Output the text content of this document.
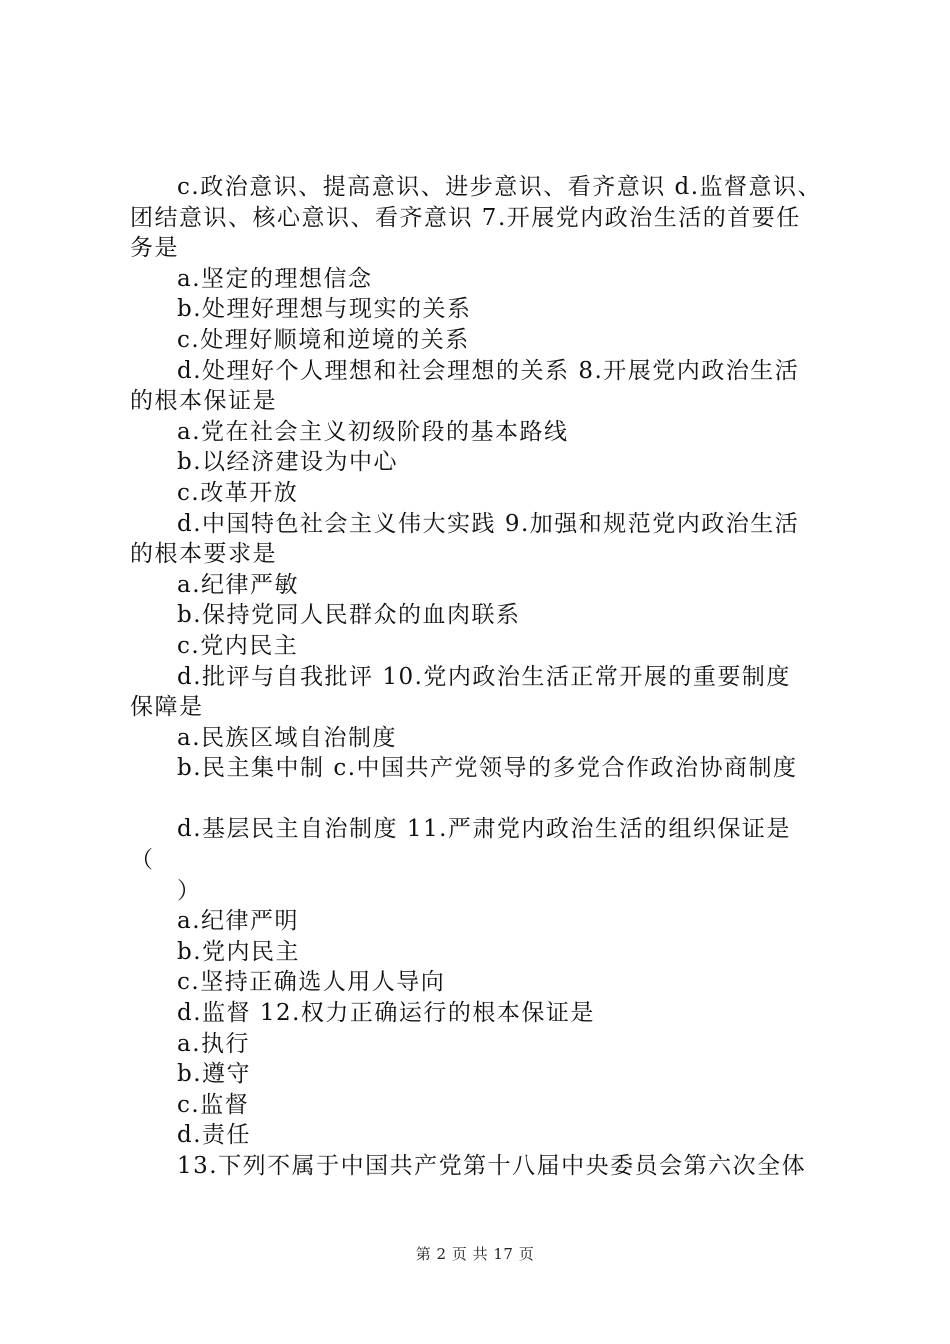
c.政治意识、提高意识、进步意识、看齐意识 d.监督意识、
团结意识、核心意识、看齐意识 7.开展党内政治生活的首要任
务是
a.坚定的理想信念
b.处理好理想与现实的关系
c.处理好顺境和逆境的关系
d.处理好个人理想和社会理想的关系 8.开展党内政治生活
的根本保证是
a.党在社会主义初级阶段的基本路线
b.以经济建设为中心
c.改革开放
d.中国特色社会主义伟大实践 9.加强和规范党内政治生活
的根本要求是
a.纪律严敏
b.保持党同人民群众的血肉联系
c.党内民主
d.批评与自我批评 10.党内政治生活正常开展的重要制度
保障是
a.民族区域自治制度
b.民主集中制 c.中国共产党领导的多党合作政治协商制度
d.基层民主自治制度 11.严肃党内政治生活的组织保证是
（
）
a.纪律严明
b.党内民主
c.坚持正确选人用人导向
d.监督 12.权力正确运行的根本保证是
a.执行
b.遵守
c.监督
d.责任
13.下列不属于中国共产党第十八届中央委员会第六次全体
第 2 页 共 17 页
